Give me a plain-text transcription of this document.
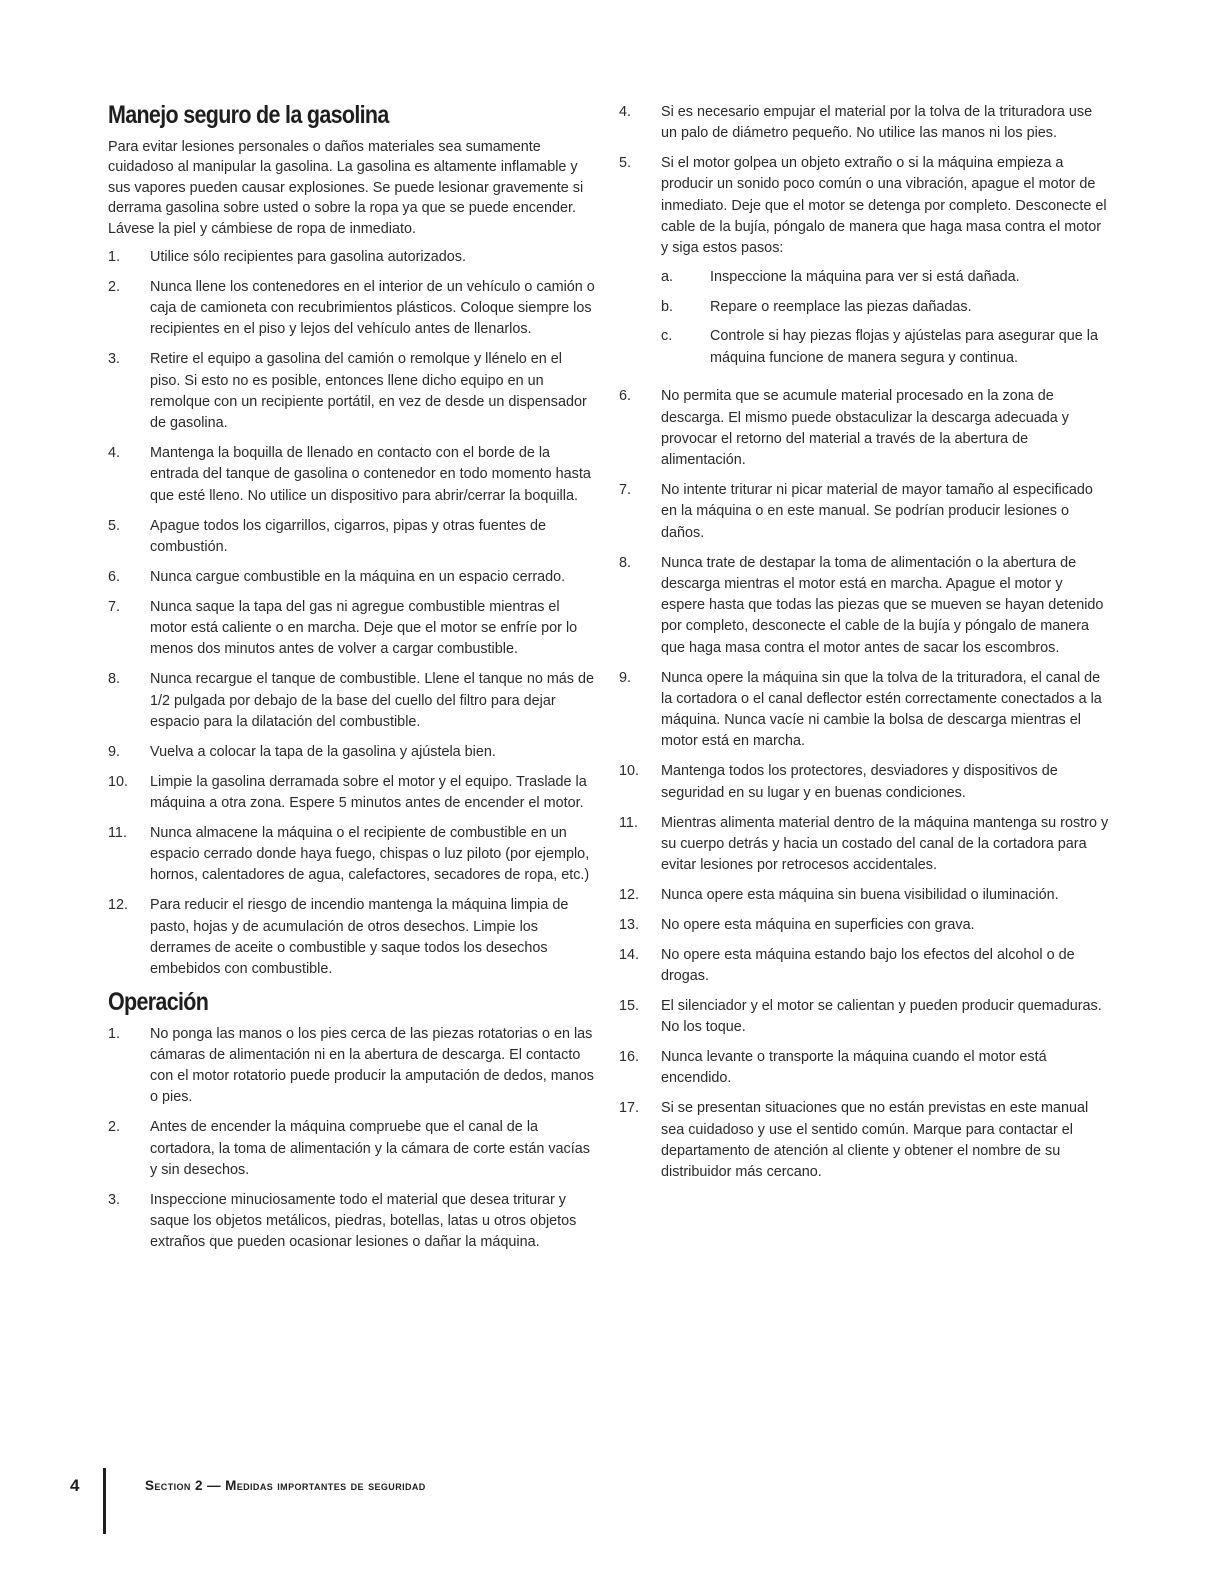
Manejo seguro de la gasolina

Para evitar lesiones personales o daños materiales sea sumamente cuidadoso al manipular la gasolina. La gasolina es altamente inflamable y sus vapores pueden causar explosiones. Se puede lesionar gravemente si derrama gasolina sobre usted o sobre la ropa ya que se puede encender. Lávese la piel y cámbiese de ropa de inmediato.

1.	Utilice sólo recipientes para gasolina autorizados.
2.	Nunca llene los contenedores en el interior de un vehículo o camión o caja de camioneta con recubrimientos plásticos. Coloque siempre los recipientes en el piso y lejos del vehículo antes de llenarlos.
3.	Retire el equipo a gasolina del camión o remolque y llénelo en el piso. Si esto no es posible, entonces llene dicho equipo en un remolque con un recipiente portátil, en vez de desde un dispensador de gasolina.
4.	Mantenga la boquilla de llenado en contacto con el borde de la entrada del tanque de gasolina o contenedor en todo momento hasta que esté lleno. No utilice un dispositivo para abrir/cerrar la boquilla.
5.	Apague todos los cigarrillos, cigarros, pipas y otras fuentes de combustión.
6.	Nunca cargue combustible en la máquina en un espacio cerrado.
7.	Nunca saque la tapa del gas ni agregue combustible mientras el motor está caliente o en marcha. Deje que el motor se enfríe por lo menos dos minutos antes de volver a cargar combustible.
8.	Nunca recargue el tanque de combustible. Llene el tanque no más de 1/2 pulgada por debajo de la base del cuello del filtro para dejar espacio para la dilatación del combustible.
9.	Vuelva a colocar la tapa de la gasolina y ajústela bien.
10.	Limpie la gasolina derramada sobre el motor y el equipo. Traslade la máquina a otra zona. Espere 5 minutos antes de encender el motor.
11.	Nunca almacene la máquina o el recipiente de combustible en un espacio cerrado donde haya fuego, chispas o luz piloto (por ejemplo, hornos, calentadores de agua, calefactores, secadores de ropa, etc.)
12.	Para reducir el riesgo de incendio mantenga la máquina limpia de pasto, hojas y de acumulación de otros desechos. Limpie los derrames de aceite o combustible y saque todos los desechos embebidos con combustible.
Operación
1.	No ponga las manos o los pies cerca de las piezas rotatorias o en las cámaras de alimentación ni en la abertura de descarga. El contacto con el motor rotatorio puede producir la amputación de dedos, manos o pies.
2.	Antes de encender la máquina compruebe que el canal de la cortadora, la toma de alimentación y la cámara de corte están vacías y sin desechos.
3.	Inspeccione minuciosamente todo el material que desea triturar y saque los objetos metálicos, piedras, botellas, latas u otros objetos extraños que pueden ocasionar lesiones o dañar la máquina.
4.	Si es necesario empujar el material por la tolva de la trituradora use un palo de diámetro pequeño. No utilice las manos ni los pies.
5.	Si el motor golpea un objeto extraño o si la máquina empieza a producir un sonido poco común o una vibración, apague el motor de inmediato. Deje que el motor se detenga por completo. Desconecte el cable de la bujía, póngalo de manera que haga masa contra el motor y siga estos pasos:
a.	Inspeccione la máquina para ver si está dañada.
b.	Repare o reemplace las piezas dañadas.
c.	Controle si hay piezas flojas y ajústelas para asegurar que la máquina funcione de manera segura y continua.
6.	No permita que se acumule material procesado en la zona de descarga. El mismo puede obstaculizar la descarga adecuada y provocar el retorno del material a través de la abertura de alimentación.
7.	No intente triturar ni picar material de mayor tamaño al especificado en la máquina o en este manual. Se podrían producir lesiones o daños.
8.	Nunca trate de destapar la toma de alimentación o la abertura de descarga mientras el motor está en marcha. Apague el motor y espere hasta que todas las piezas que se mueven se hayan detenido por completo, desconecte el cable de la bujía y póngalo de manera que haga masa contra el motor antes de sacar los escombros.
9.	Nunca opere la máquina sin que la tolva de la trituradora, el canal de la cortadora o el canal deflector estén correctamente conectados a la máquina. Nunca vacíe ni cambie la bolsa de descarga mientras el motor está en marcha.
10.	Mantenga todos los protectores, desviadores y dispositivos de seguridad en su lugar y en buenas condiciones.
11.	Mientras alimenta material dentro de la máquina mantenga su rostro y su cuerpo detrás y hacia un costado del canal de la cortadora para evitar lesiones por retrocesos accidentales.
12.	Nunca opere esta máquina sin buena visibilidad o iluminación.
13.	No opere esta máquina en superficies con grava.
14.	No opere esta máquina estando bajo los efectos del alcohol o de drogas.
15.	El silenciador y el motor se calientan y pueden producir quemaduras. No los toque.
16.	Nunca levante o transporte la máquina cuando el motor está encendido.
17.	Si se presentan situaciones que no están previstas en este manual sea cuidadoso y use el sentido común. Marque para contactar el departamento de atención al cliente y obtener el nombre de su distribuidor más cercano.
4	Section 2 — Medidas importantes de seguridad
